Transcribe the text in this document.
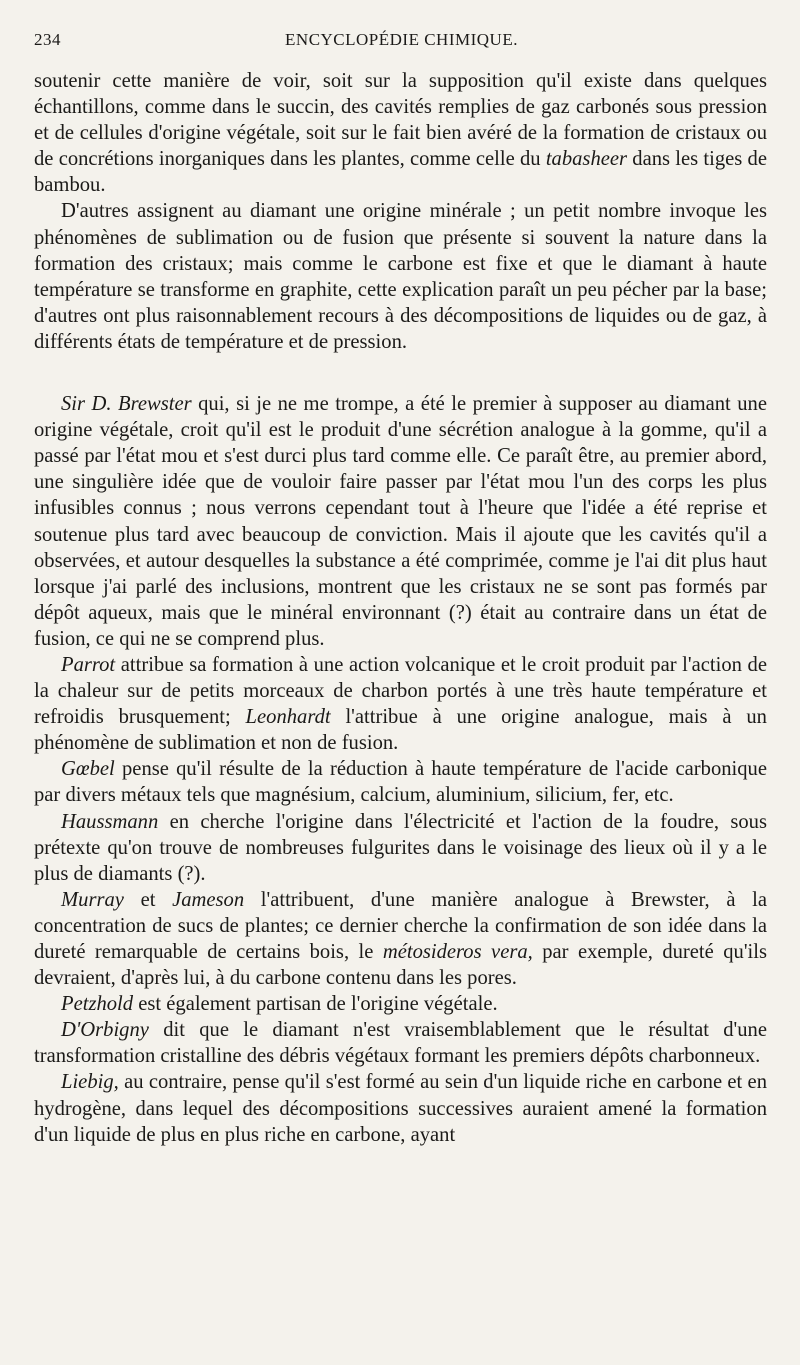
234	ENCYCLOPÉDIE CHIMIQUE.

soutenir cette manière de voir, soit sur la supposition qu'il existe dans quelques échantillons, comme dans le succin, des cavités remplies de gaz carbonés sous pression et de cellules d'origine végétale, soit sur le fait bien avéré de la formation de cristaux ou de concrétions inorganiques dans les plantes, comme celle du tabasheer dans les tiges de bambou.

D'autres assignent au diamant une origine minérale ; un petit nombre invoque les phénomènes de sublimation ou de fusion que présente si souvent la nature dans la formation des cristaux; mais comme le carbone est fixe et que le diamant à haute température se transforme en graphite, cette explication paraît un peu pécher par la base; d'autres ont plus raisonnablement recours à des décompositions de liquides ou de gaz, à différents états de température et de pression.

Sir D. Brewster qui, si je ne me trompe, a été le premier à supposer au diamant une origine végétale, croit qu'il est le produit d'une sécrétion analogue à la gomme, qu'il a passé par l'état mou et s'est durci plus tard comme elle. Ce paraît être, au premier abord, une singulière idée que de vouloir faire passer par l'état mou l'un des corps les plus infusibles connus ; nous verrons cependant tout à l'heure que l'idée a été reprise et soutenue plus tard avec beaucoup de conviction. Mais il ajoute que les cavités qu'il a observées, et autour desquelles la substance a été comprimée, comme je l'ai dit plus haut lorsque j'ai parlé des inclusions, montrent que les cristaux ne se sont pas formés par dépôt aqueux, mais que le minéral environnant (?) était au contraire dans un état de fusion, ce qui ne se comprend plus.

Parrot attribue sa formation à une action volcanique et le croit produit par l'action de la chaleur sur de petits morceaux de charbon portés à une très haute température et refroidis brusquement; Leonhardt l'attribue à une origine analogue, mais à un phénomène de sublimation et non de fusion.

Gœbel pense qu'il résulte de la réduction à haute température de l'acide carbonique par divers métaux tels que magnésium, calcium, aluminium, silicium, fer, etc.

Haussmann en cherche l'origine dans l'électricité et l'action de la foudre, sous prétexte qu'on trouve de nombreuses fulgurites dans le voisinage des lieux où il y a le plus de diamants (?).

Murray et Jameson l'attribuent, d'une manière analogue à Brewster, à la concentration de sucs de plantes; ce dernier cherche la confirmation de son idée dans la dureté remarquable de certains bois, le métosideros vera, par exemple, dureté qu'ils devraient, d'après lui, à du carbone contenu dans les pores.

Petzhold est également partisan de l'origine végétale.

D'Orbigny dit que le diamant n'est vraisemblablement que le résultat d'une transformation cristalline des débris végétaux formant les premiers dépôts charbonneux.

Liebig, au contraire, pense qu'il s'est formé au sein d'un liquide riche en carbone et en hydrogène, dans lequel des décompositions successives auraient amené la formation d'un liquide de plus en plus riche en carbone, ayant
